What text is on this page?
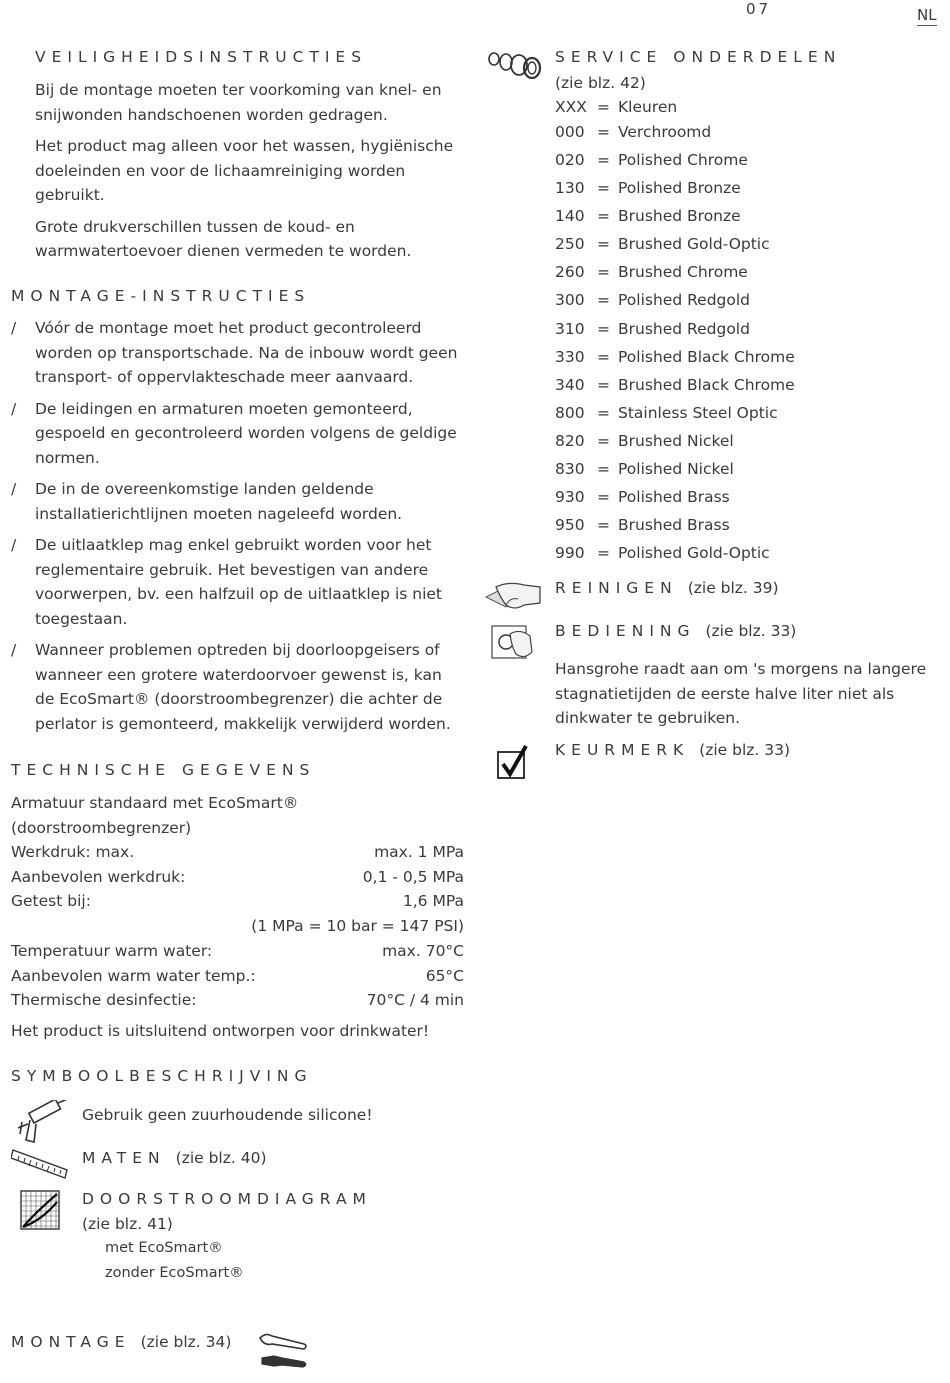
07	NL
VEILIGHEIDSINSTRUCTIES
Bij de montage moeten ter voorkoming van knel- en snijwonden handschoenen worden gedragen.
Het product mag alleen voor het wassen, hygiënische doeleinden en voor de lichaamreiniging worden gebruikt.
Grote drukverschillen tussen de koud- en warmwatertoevoer dienen vermeden te worden.
MONTAGE-INSTRUCTIES
/ Vóór de montage moet het product gecontroleerd worden op transportschade. Na de inbouw wordt geen transport- of oppervlakteschade meer aanvaard.
/ De leidingen en armaturen moeten gemonteerd, gespoeld en gecontroleerd worden volgens de geldige normen.
/ De in de overeenkomstige landen geldende installatierichtlijnen moeten nageleefd worden.
/ De uitlaatklep mag enkel gebruikt worden voor het reglementaire gebruik. Het bevestigen van andere voorwerpen, bv. een halfzuil op de uitlaatklep is niet toegestaan.
/ Wanneer problemen optreden bij doorloopgeisers of wanneer een grotere waterdoorvoer gewenst is, kan de EcoSmart® (doorstroombegrenzer) die achter de perlator is gemonteerd, makkelijk verwijderd worden.
TECHNISCHE GEGEVENS
Armatuur standaard met EcoSmart® (doorstroombegrenzer)
Werkdruk: max.	max. 1 MPa
Aanbevolen werkdruk:	0,1 - 0,5 MPa
Getest bij:	1,6 MPa
(1 MPa = 10 bar = 147 PSI)
Temperatuur warm water:	max. 70°C
Aanbevolen warm water temp.:	65°C
Thermische desinfectie:	70°C / 4 min
Het product is uitsluitend ontworpen voor drinkwater!
SYMBOOLBESCHRIJVING
Gebruik geen zuurhoudende silicone!
MATEN (zie blz. 40)
DOORSTROOMDIAGRAM
(zie blz. 41)
met EcoSmart®
zonder EcoSmart®
MONTAGE (zie blz. 34)
SERVICE ONDERDELEN
(zie blz. 42)
XXX = Kleuren
000 = Verchroomd
020 = Polished Chrome
130 = Polished Bronze
140 = Brushed Bronze
250 = Brushed Gold-Optic
260 = Brushed Chrome
300 = Polished Redgold
310 = Brushed Redgold
330 = Polished Black Chrome
340 = Brushed Black Chrome
800 = Stainless Steel Optic
820 = Brushed Nickel
830 = Polished Nickel
930 = Polished Brass
950 = Brushed Brass
990 = Polished Gold-Optic
REINIGEN (zie blz. 39)
BEDIENING (zie blz. 33)
Hansgrohe raadt aan om 's morgens na langere stagnatietijden de eerste halve liter niet als dinkwater te gebruiken.
KEURMERK (zie blz. 33)
